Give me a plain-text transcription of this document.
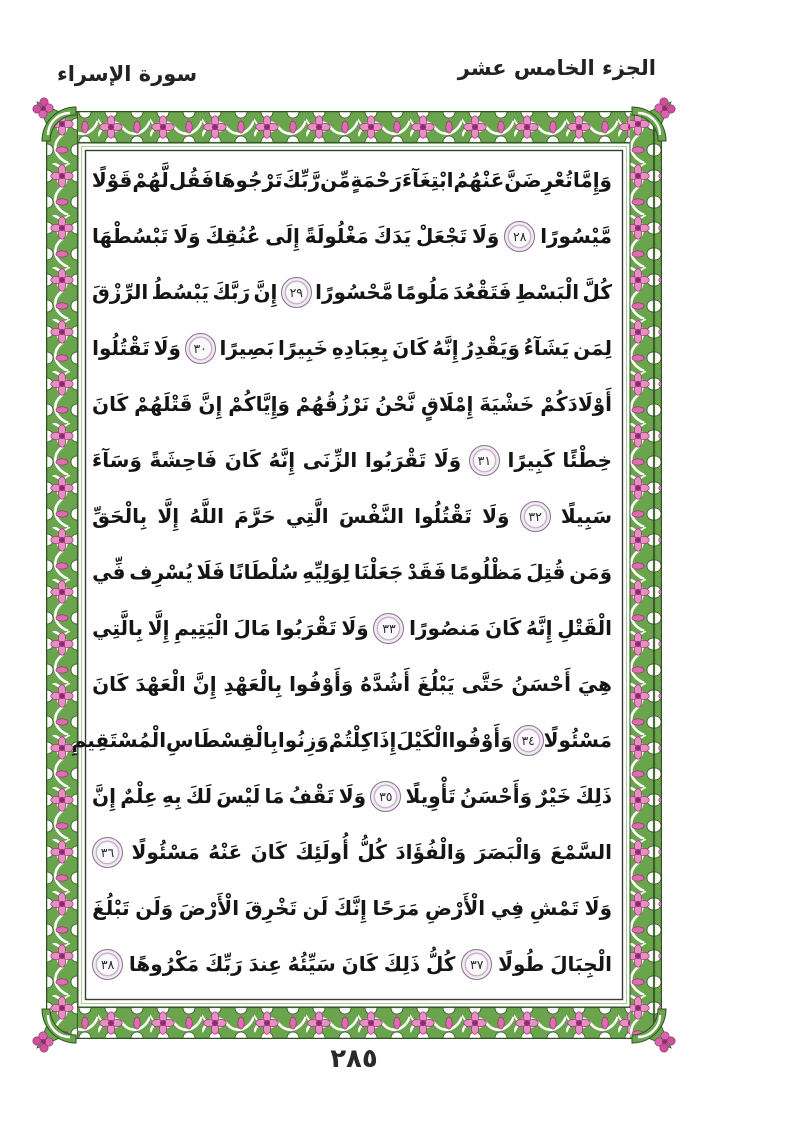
الجزء الخامس عشر
سورة الإسراء
وَإِمَّا
تُعْرِضَنَّ
عَنْهُمُ
ابْتِغَآءَ
رَحْمَةٍ
مِّن
رَّبِّكَ
تَرْجُوهَا
فَقُل
لَّهُمْ
قَوْلًا
مَّيْسُورًا
٢٨
وَلَا
تَجْعَلْ
يَدَكَ
مَغْلُولَةً
إِلَى
عُنُقِكَ
وَلَا
تَبْسُطْهَا
كُلَّ
الْبَسْطِ
فَتَقْعُدَ
مَلُومًا
مَّحْسُورًا
٢٩
إِنَّ
رَبَّكَ
يَبْسُطُ
الرِّزْقَ
لِمَن
يَشَآءُ
وَيَقْدِرُ
إِنَّهُ
كَانَ
بِعِبَادِهِ
خَبِيرًا
بَصِيرًا
٣٠
وَلَا
تَقْتُلُوا
أَوْلَادَكُمْ
خَشْيَةَ
إِمْلَاقٍ
نَّحْنُ
نَرْزُقُهُمْ
وَإِيَّاكُمْ
إِنَّ
قَتْلَهُمْ
كَانَ
خِطْئًا
كَبِيرًا
٣١
وَلَا
تَقْرَبُوا
الزِّنَى
إِنَّهُ
كَانَ
فَاحِشَةً
وَسَآءَ
سَبِيلًا
٣٢
وَلَا
تَقْتُلُوا
النَّفْسَ
الَّتِي
حَرَّمَ
اللَّهُ
إِلَّا
بِالْحَقِّ
وَمَن
قُتِلَ
مَظْلُومًا
فَقَدْ
جَعَلْنَا
لِوَلِيِّهِ
سُلْطَانًا
فَلَا
يُسْرِف
فِّي
الْقَتْلِ
إِنَّهُ
كَانَ
مَنصُورًا
٣٣
وَلَا
تَقْرَبُوا
مَالَ
الْيَتِيمِ
إِلَّا
بِالَّتِي
هِيَ
أَحْسَنُ
حَتَّى
يَبْلُغَ
أَشُدَّهُ
وَأَوْفُوا
بِالْعَهْدِ
إِنَّ
الْعَهْدَ
كَانَ
مَسْئُولًا
٣٤
وَأَوْفُوا
الْكَيْلَ
إِذَا
كِلْتُمْ
وَزِنُوا
بِالْقِسْطَاسِ
الْمُسْتَقِيمِ
ذَلِكَ
خَيْرٌ
وَأَحْسَنُ
تَأْوِيلًا
٣٥
وَلَا
تَقْفُ
مَا
لَيْسَ
لَكَ
بِهِ
عِلْمٌ
إِنَّ
السَّمْعَ
وَالْبَصَرَ
وَالْفُؤَادَ
كُلُّ
أُولَئِكَ
كَانَ
عَنْهُ
مَسْئُولًا
٣٦
وَلَا
تَمْشِ
فِي
الْأَرْضِ
مَرَحًا
إِنَّكَ
لَن
تَخْرِقَ
الْأَرْضَ
وَلَن
تَبْلُغَ
الْجِبَالَ
طُولًا
٣٧
كُلُّ
ذَلِكَ
كَانَ
سَيِّئُهُ
عِندَ
رَبِّكَ
مَكْرُوهًا
٣٨
٢٨٥
